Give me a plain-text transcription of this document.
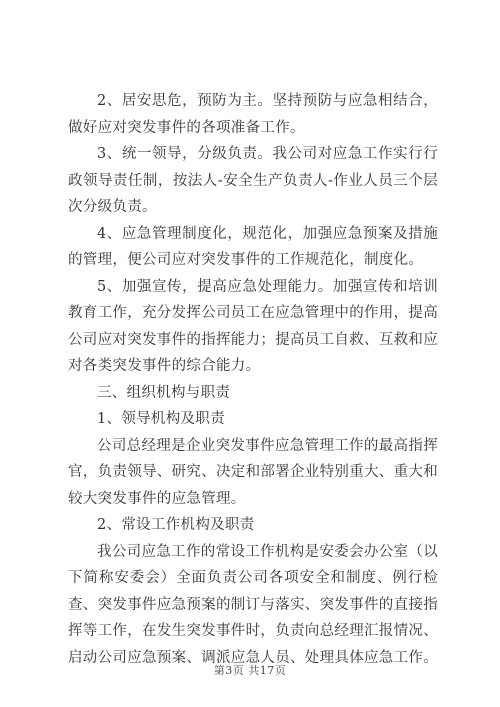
2、居安思危，预防为主。坚持预防与应急相结合，做好应对突发事件的各项准备工作。

3、统一领导，分级负责。我公司对应急工作实行行政领导责任制，按法人-安全生产负责人-作业人员三个层次分级负责。

4、应急管理制度化，规范化，加强应急预案及措施的管理，便公司应对突发事件的工作规范化，制度化。

5、加强宣传，提高应急处理能力。加强宣传和培训教育工作，充分发挥公司员工在应急管理中的作用，提高公司应对突发事件的指挥能力；提高员工自救、互救和应对各类突发事件的综合能力。

三、组织机构与职责

1、领导机构及职责

公司总经理是企业突发事件应急管理工作的最高指挥官，负责领导、研究、决定和部署企业特别重大、重大和较大突发事件的应急管理。

2、常设工作机构及职责

我公司应急工作的常设工作机构是安委会办公室（以下简称安委会）全面负责公司各项安全和制度、例行检查、突发事件应急预案的制订与落实、突发事件的直接指挥等工作，在发生突发事件时，负责向总经理汇报情况、启动公司应急预案、调派应急人员、处理具体应急工作。

第3页 共17页
